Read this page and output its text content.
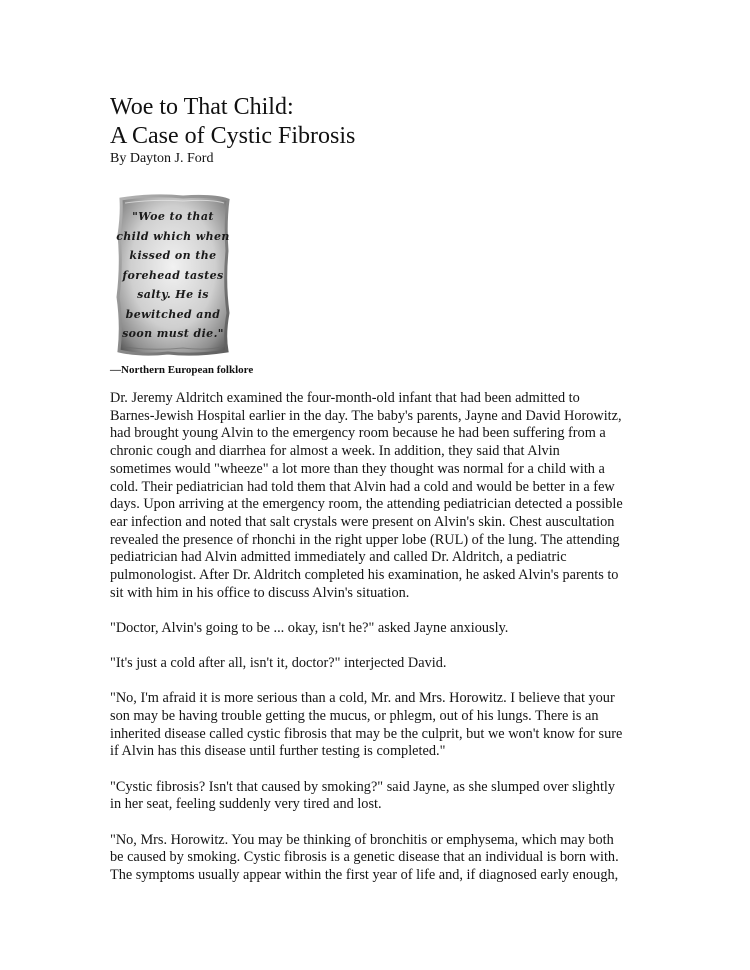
Woe to That Child:
A Case of Cystic Fibrosis
By Dayton J. Ford
"Woe to that
child which when
kissed on the
forehead tastes
salty. He is
bewitched and
soon must die."
—Northern European folklore

Dr. Jeremy Aldritch examined the four-month-old infant that had been admitted to
Barnes-Jewish Hospital earlier in the day. The baby's parents, Jayne and David Horowitz,
had brought young Alvin to the emergency room because he had been suffering from a
chronic cough and diarrhea for almost a week. In addition, they said that Alvin
sometimes would "wheeze" a lot more than they thought was normal for a child with a
cold. Their pediatrician had told them that Alvin had a cold and would be better in a few
days. Upon arriving at the emergency room, the attending pediatrician detected a possible
ear infection and noted that salt crystals were present on Alvin's skin. Chest auscultation
revealed the presence of rhonchi in the right upper lobe (RUL) of the lung. The attending
pediatrician had Alvin admitted immediately and called Dr. Aldritch, a pediatric
pulmonologist. After Dr. Aldritch completed his examination, he asked Alvin's parents to
sit with him in his office to discuss Alvin's situation.

"Doctor, Alvin's going to be ... okay, isn't he?" asked Jayne anxiously.

"It's just a cold after all, isn't it, doctor?" interjected David.

"No, I'm afraid it is more serious than a cold, Mr. and Mrs. Horowitz. I believe that your
son may be having trouble getting the mucus, or phlegm, out of his lungs. There is an
inherited disease called cystic fibrosis that may be the culprit, but we won't know for sure
if Alvin has this disease until further testing is completed."

"Cystic fibrosis? Isn't that caused by smoking?" said Jayne, as she slumped over slightly
in her seat, feeling suddenly very tired and lost.

"No, Mrs. Horowitz. You may be thinking of bronchitis or emphysema, which may both
be caused by smoking. Cystic fibrosis is a genetic disease that an individual is born with.
The symptoms usually appear within the first year of life and, if diagnosed early enough,
